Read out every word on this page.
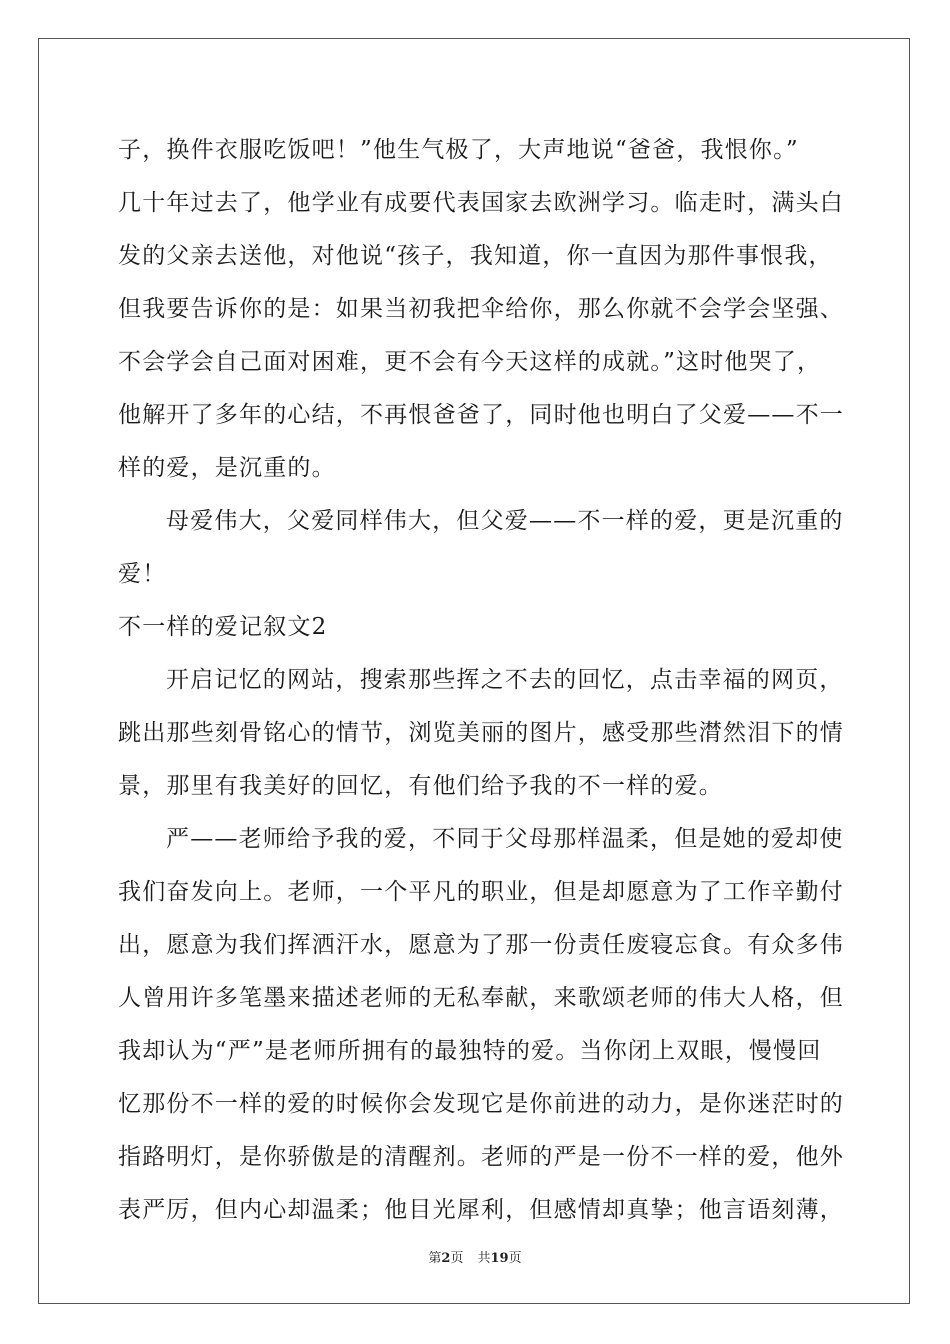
子，换件衣服吃饭吧！”他生气极了，大声地说“爸爸，我恨你。”
几十年过去了，他学业有成要代表国家去欧洲学习。临走时，满头白
发的父亲去送他，对他说“孩子，我知道，你一直因为那件事恨我，
但我要告诉你的是：如果当初我把伞给你，那么你就不会学会坚强、
不会学会自己面对困难，更不会有今天这样的成就。”这时他哭了，
他解开了多年的心结，不再恨爸爸了，同时他也明白了父爱——不一
样的爱，是沉重的。
母爱伟大，父爱同样伟大，但父爱——不一样的爱，更是沉重的
爱！
不一样的爱记叙文2
开启记忆的网站，搜索那些挥之不去的回忆，点击幸福的网页，
跳出那些刻骨铭心的情节，浏览美丽的图片，感受那些潸然泪下的情
景，那里有我美好的回忆，有他们给予我的不一样的爱。
严——老师给予我的爱，不同于父母那样温柔，但是她的爱却使
我们奋发向上。老师，一个平凡的职业，但是却愿意为了工作辛勤付
出，愿意为我们挥洒汗水，愿意为了那一份责任废寝忘食。有众多伟
人曾用许多笔墨来描述老师的无私奉献，来歌颂老师的伟大人格，但
我却认为“严”是老师所拥有的最独特的爱。当你闭上双眼，慢慢回
忆那份不一样的爱的时候你会发现它是你前进的动力，是你迷茫时的
指路明灯，是你骄傲是的清醒剂。老师的严是一份不一样的爱，他外
表严厉，但内心却温柔；他目光犀利，但感情却真挚；他言语刻薄，
第2页 共19页
